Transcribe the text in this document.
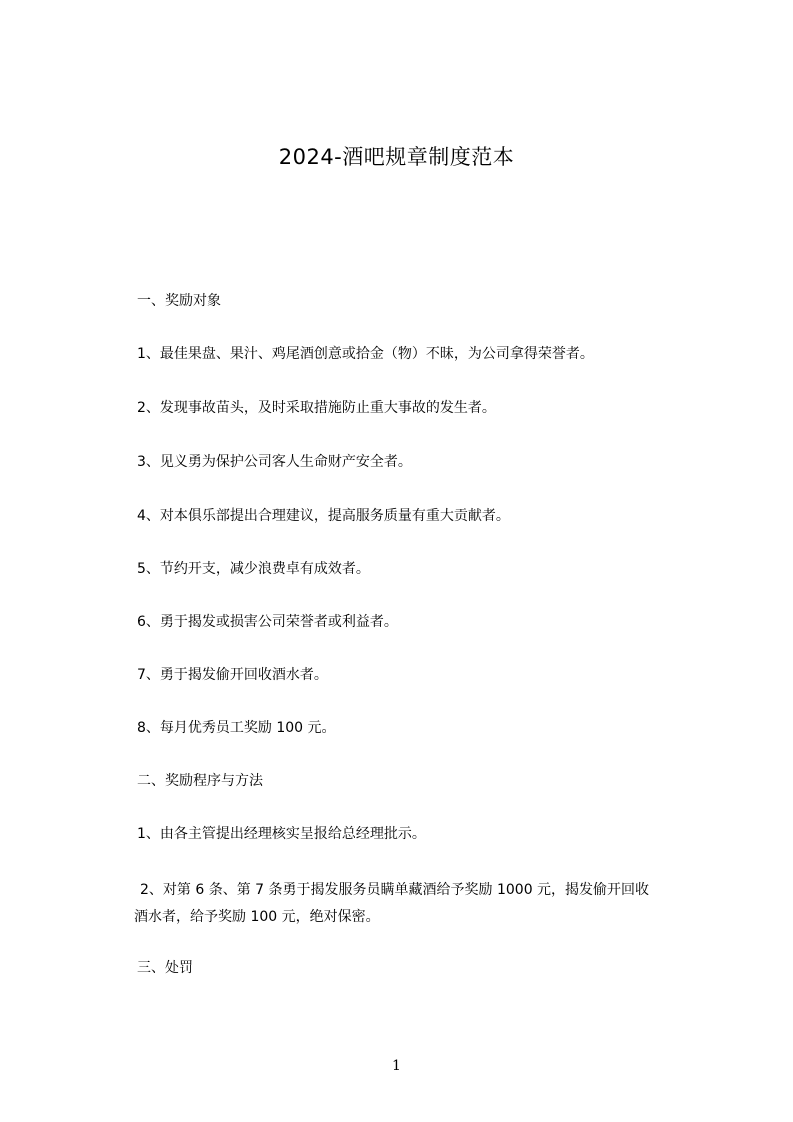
2024-酒吧规章制度范本
一、奖励对象
1、最佳果盘、果汁、鸡尾酒创意或拾金（物）不昧，为公司拿得荣誉者。
2、发现事故苗头，及时采取措施防止重大事故的发生者。
3、见义勇为保护公司客人生命财产安全者。
4、对本俱乐部提出合理建议，提高服务质量有重大贡献者。
5、节约开支，减少浪费卓有成效者。
6、勇于揭发或损害公司荣誉者或利益者。
7、勇于揭发偷开回收酒水者。
8、每月优秀员工奖励 100 元。
二、奖励程序与方法
1、由各主管提出经理核实呈报给总经理批示。
2、对第 6 条、第 7 条勇于揭发服务员瞒单藏酒给予奖励 1000 元，揭发偷开回收
酒水者，给予奖励 100 元，绝对保密。
三、处罚
1
